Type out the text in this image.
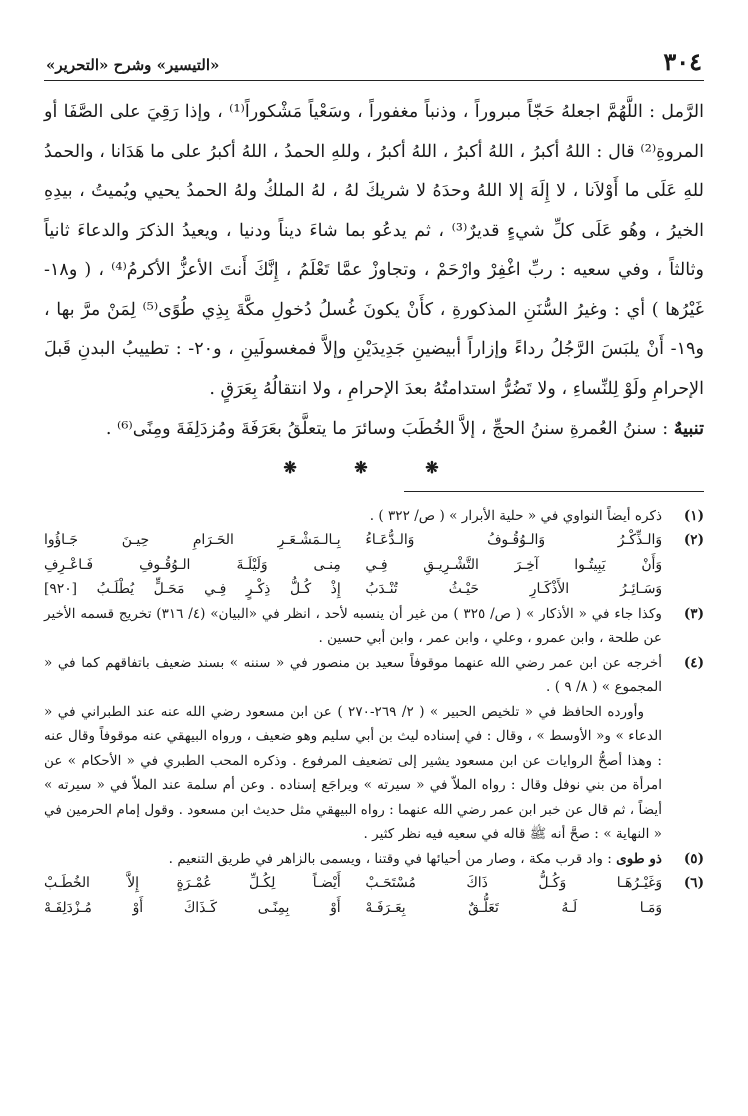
٣٠٤
«التيسير» وشرح «التحرير»

الرَّمل : اللَّهُمَّ اجعلهُ حَجّاً مبروراً ، وذنباً مغفوراً ، وسَعْياً مَشْكوراً⁽¹⁾ ، وإذا رَقِيَ على الصَّفَا أو المروةِ⁽²⁾ قال : اللهُ أكبرُ ، اللهُ أكبرُ ، اللهُ أكبرُ ، وللهِ الحمدُ ، اللهُ أكبرُ على ما هَدَانا ، والحمدُ للهِ عَلَى ما أَوْلاَنا ، لا إِلَهَ إلا اللهُ وحدَهُ لا شريكَ لهُ ، لهُ الملكُ ولهُ الحمدُ يحيي ويُميتُ ، بيدِهِ الخيرُ ، وهُو عَلَى كلِّ شيءٍ قديرٌ⁽³⁾ ، ثم يدعُو بما شاءَ ديناً ودنيا ، ويعيدُ الذكرَ والدعاءَ ثانياً وثالثاً ، وفي سعيه : ربِّ اغْفِرْ وارْحَمْ ، وتجاوزْ عمَّا تَعْلَمُ ، إِنَّكَ أَنتَ الأعزُّ الأكرمُ⁽⁴⁾ ، ( و١٨- غَيْرُها ) أي : وغيرُ السُّنَنِ المذكورةِ ، كأَنْ يكونَ غُسلُ دُخولِ مكَّةَ بِذِي طُوًى⁽⁵⁾ لِمَنْ مرَّ بها ، و١٩- أَنْ يلبَسَ الرَّجُلُ رداءً وإزاراً أبيضينِ جَدِيدَيْنِ وإلاَّ فمغسولَينِ ، و٢٠- : تطييبُ البدنِ قَبلَ الإحرامِ ولَوْ لِلنِّساءِ ، ولا تَضُرُّ استدامتُهُ بعدَ الإحرامِ ، ولا انتقالُهُ بِعَرَقٍ .

تنبيهٌ : سننُ العُمرةِ سننُ الحجِّ ، إلاَّ الخُطَبَ وسائرَ ما يتعلَّقُ بعَرَفَةَ ومُزدَلِفَةَ ومِنًى⁽⁶⁾ .

❋ ❋ ❋
(١)
ذكره أيضاً النواوي في « حلية الأبرار » ( ص/ ٣٢٢ ) .
(٢)
وَالـذِّكْـرُ وَالـوُقُـوفُ وَالـدُّعَـاءُ		بِـالـمَشْـعَـرِ الحَـرَامِ حِيـنَ جَـاؤُوا
وَأَنْ يَبِيتُـوا آخِـرَ التَّشْـرِيـقِ فِـي		مِنـى وَلَيْلَـةَ الـوُقُـوفِ فَـاعْـرِفِ
وَسَـائِـرُ الأَذْكَـارِ حَيْـثُ تُنْـدَبُ		إِذْ كُـلُّ ذِكْـرٍ فِـي مَحَـلٍّ يُطْلَـبُ [٩٢٠]
(٣)
وكذا جاء في « الأذكار » ( ص/ ٣٢٥ ) من غير أن ينسبه لأحد ، انظر في «البيان» (٤/ ٣١٦) تخريج قسمه الأخير عن طلحة ، وابن عمرو ، وعلي ، وابن عمر ، وابن أبي حسين .
(٤)
أخرجه عن ابن عمر رضي الله عنهما موقوفاً سعيد بن منصور في « سننه » بسند ضعيف باتفاقهم كما في « المجموع » ( ٨/ ٩ ) .
وأورده الحافظ في « تلخيص الحبير » ( ٢/ ٢٦٩-٢٧٠ ) عن ابن مسعود رضي الله عنه عند الطبراني في « الدعاء » و« الأوسط » ، وقال : في إسناده ليث بن أبي سليم وهو ضعيف ، ورواه البيهقي عنه موقوفاً وقال عنه : وهذا أصحُّ الروايات عن ابن مسعود يشير إلى تضعيف المرفوع . وذكره المحب الطبري في « الأحكام » عن امرأة من بني نوفل وقال : رواه الملاّ في « سيرته » ويراجَع إسناده . وعن أم سلمة عند الملاّ في « سيرته » أيضاً ، ثم قال عن خبر ابن عمر رضي الله عنهما : رواه البيهقي مثل حديث ابن مسعود . وقول إمام الحرمين في « النهاية » : صحَّ أنه ﷺ قاله في سعيه فيه نظر كثير .
(٥)
ذو طوى : واد قرب مكة ، وصار من أحيائها في وقتنا ، ويسمى بالزاهر في طريق التنعيم .
(٦)
وَغَيْـرُهَـا وَكُـلُّ ذَاكَ مُسْتَحَـبْ		أَيْضـاً لِكُـلِّ عُمْـرَةٍ إِلاَّ الخُطَـبْ
وَمَـا لَـهُ تَعَلُّـقٌ بِعَـرَفَـهْ		أَوْ بِمِنًـى كَـذَاكَ أَوْ مُـزْدَلِفَـهْ
